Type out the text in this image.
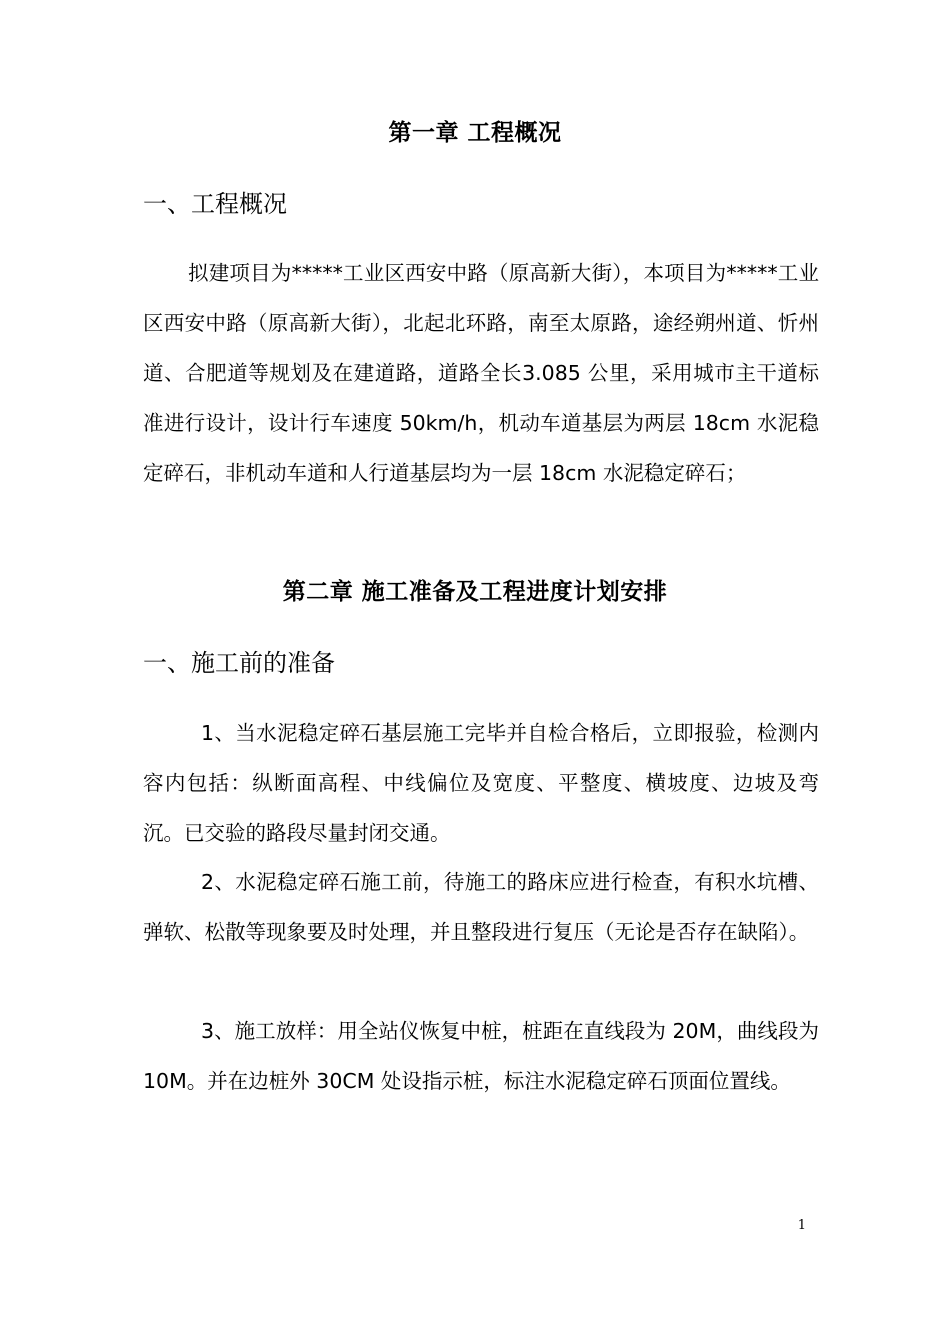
第一章 工程概况
一、工程概况

拟建项目为*****工业区西安中路（原高新大街），本项目为*****工业区西安中路（原高新大街），北起北环路，南至太原路，途经朔州道、忻州道、合肥道等规划及在建道路，道路全长3.085 公里，采用城市主干道标准进行设计，设计行车速度 50km/h，机动车道基层为两层 18cm 水泥稳定碎石，非机动车道和人行道基层均为一层 18cm 水泥稳定碎石；

第二章 施工准备及工程进度计划安排
一、施工前的准备

1、当水泥稳定碎石基层施工完毕并自检合格后，立即报验，检测内容内包括：纵断面高程、中线偏位及宽度、平整度、横坡度、边坡及弯沉。已交验的路段尽量封闭交通。

2、水泥稳定碎石施工前，待施工的路床应进行检查，有积水坑槽、弹软、松散等现象要及时处理，并且整段进行复压（无论是否存在缺陷）。

3、施工放样：用全站仪恢复中桩，桩距在直线段为 20M，曲线段为 10M。并在边桩外 30CM 处设指示桩，标注水泥稳定碎石顶面位置线。

1
